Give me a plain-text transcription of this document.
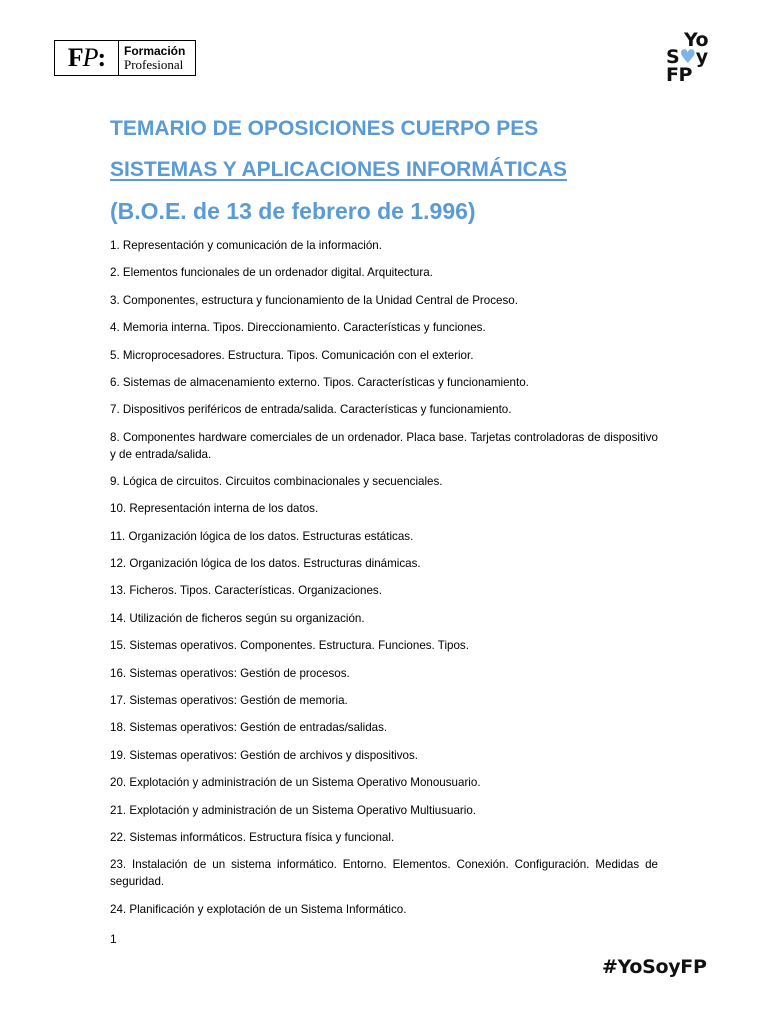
F P : Formación
Profesional
Yo
S♥y
FP
TEMARIO DE OPOSICIONES CUERPO PES
SISTEMAS Y APLICACIONES INFORMÁTICAS
(B.O.E. de 13 de febrero de 1.996)
1. Representación y comunicación de la información.
2. Elementos funcionales de un ordenador digital. Arquitectura.
3. Componentes, estructura y funcionamiento de la Unidad Central de Proceso.
4. Memoria interna. Tipos. Direccionamiento. Características y funciones.
5. Microprocesadores. Estructura. Tipos. Comunicación con el exterior.
6. Sistemas de almacenamiento externo. Tipos. Características y funcionamiento.
7. Dispositivos periféricos de entrada/salida. Características y funcionamiento.
8. Componentes hardware comerciales de un ordenador. Placa base. Tarjetas controladoras de dispositivo y de entrada/salida.
9. Lógica de circuitos. Circuitos combinacionales y secuenciales.
10. Representación interna de los datos.
11. Organización lógica de los datos. Estructuras estáticas.
12. Organización lógica de los datos. Estructuras dinámicas.
13. Ficheros. Tipos. Características. Organizaciones.
14. Utilización de ficheros según su organización.
15. Sistemas operativos. Componentes. Estructura. Funciones. Tipos.
16. Sistemas operativos: Gestión de procesos.
17. Sistemas operativos: Gestión de memoria.
18. Sistemas operativos: Gestión de entradas/salidas.
19. Sistemas operativos: Gestión de archivos y dispositivos.
20. Explotación y administración de un Sistema Operativo Monousuario.
21. Explotación y administración de un Sistema Operativo Multiusuario.
22. Sistemas informáticos. Estructura física y funcional.
23. Instalación de un sistema informático. Entorno. Elementos. Conexión. Configuración. Medidas de seguridad.
24. Planificación y explotación de un Sistema Informático.
1
#YoSoyFP
